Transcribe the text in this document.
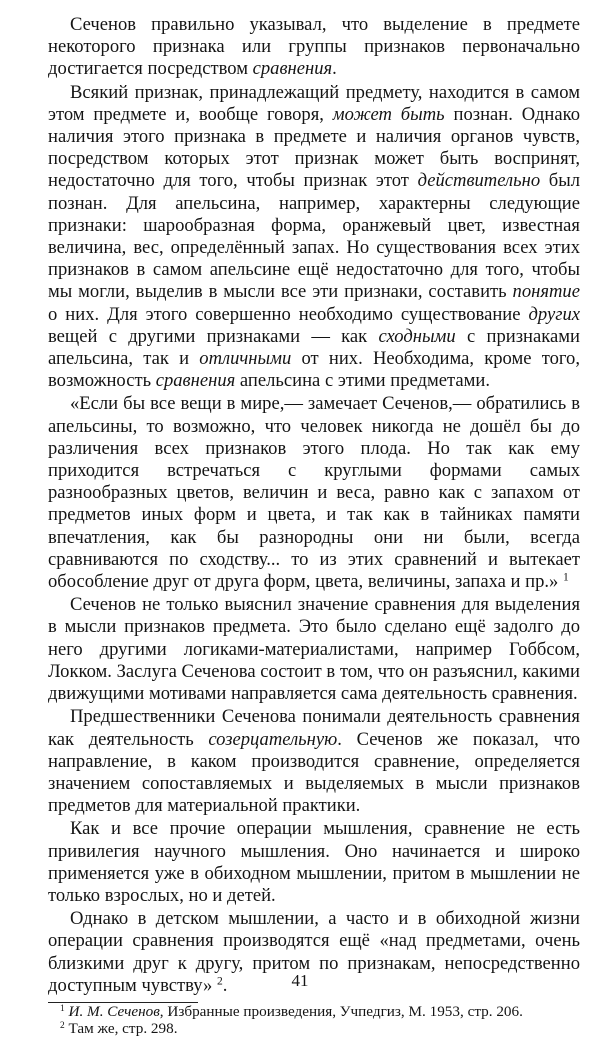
Сеченов правильно указывал, что выделение в предмете некоторого признака или группы признаков первоначально достигается посредством сравнения.

Всякий признак, принадлежащий предмету, находится в самом этом предмете и, вообще говоря, может быть познан. Однако наличия этого признака в предмете и наличия органов чувств, посредством которых этот признак может быть воспринят, недостаточно для того, чтобы признак этот действительно был познан. Для апельсина, например, характерны следующие признаки: шарообразная форма, оранжевый цвет, известная величина, вес, определённый запах. Но существования всех этих признаков в самом апельсине ещё недостаточно для того, чтобы мы могли, выделив в мысли все эти признаки, составить понятие о них. Для этого совершенно необходимо существование других вещей с другими признаками — как сходными с признаками апельсина, так и отличными от них. Необходима, кроме того, возможность сравнения апельсина с этими предметами.

«Если бы все вещи в мире,— замечает Сеченов,— обратились в апельсины, то возможно, что человек никогда не дошёл бы до различения всех признаков этого плода. Но так как ему приходится встречаться с круглыми формами самых разнообразных цветов, величин и веса, равно как с запахом от предметов иных форм и цвета, и так как в тайниках памяти впечатления, как бы разнородны они ни были, всегда сравниваются по сходству... то из этих сравнений и вытекает обособление друг от друга форм, цвета, величины, запаха и пр.» $^1$

Сеченов не только выяснил значение сравнения для выделения в мысли признаков предмета. Это было сделано ещё задолго до него другими логиками-материалистами, например Гоббсом, Локком. Заслуга Сеченова состоит в том, что он разъяснил, какими движущими мотивами направляется сама деятельность сравнения.

Предшественники Сеченова понимали деятельность сравнения как деятельность созерцательную. Сеченов же показал, что направление, в каком производится сравнение, определяется значением сопоставляемых и выделяемых в мысли признаков предметов для материальной практики.

Как и все прочие операции мышления, сравнение не есть привилегия научного мышления. Оно начинается и широко применяется уже в обиходном мышлении, притом в мышлении не только взрослых, но и детей.

Однако в детском мышлении, а часто и в обиходной жизни операции сравнения производятся ещё «над предметами, очень близкими друг к другу, притом по признакам, непосредственно доступным чувству» $^2$.

$^1$ И. М. Сеченов, Избранные произведения, Учпедгиз, М. 1953, стр. 206.

$^2$ Там же, стр. 298.

41
